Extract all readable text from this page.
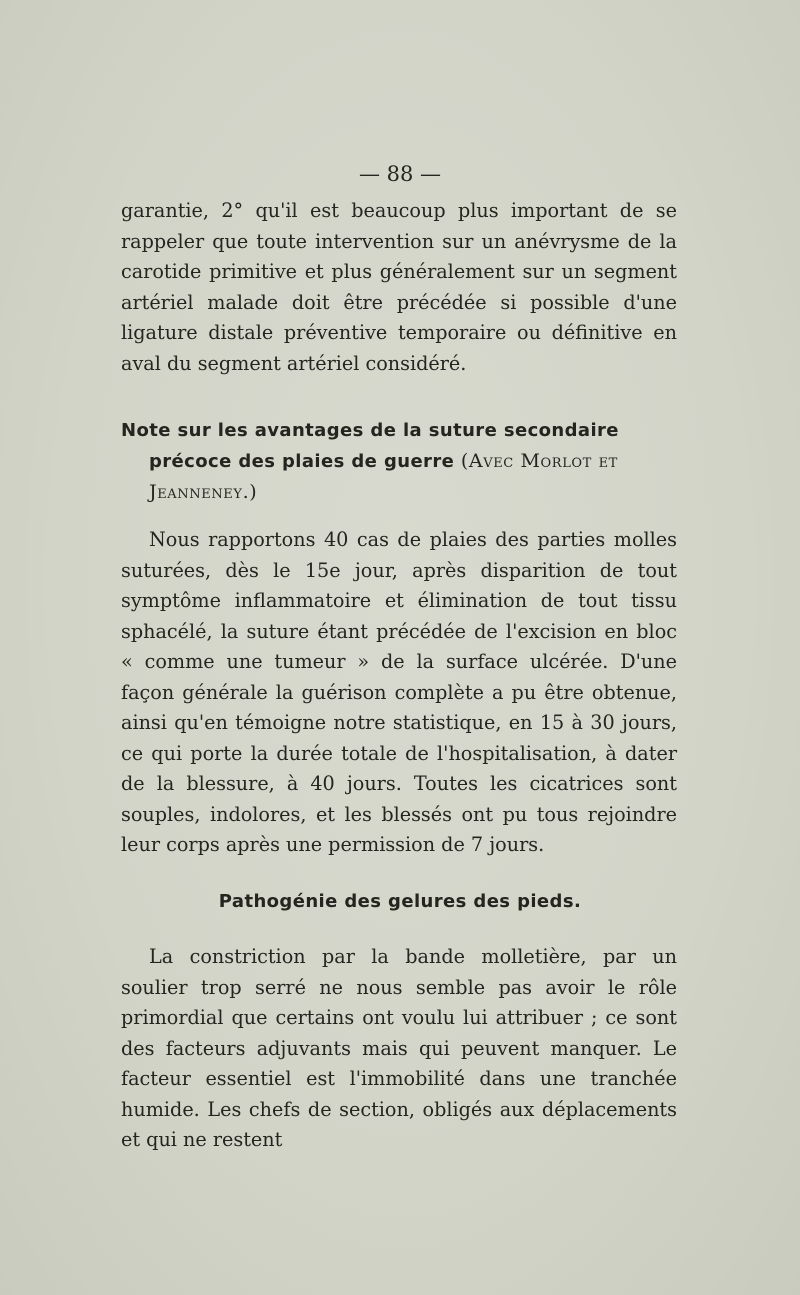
— 88 —

garantie, 2° qu'il est beaucoup plus important de se rappeler que toute intervention sur un anévrysme de la carotide primitive et plus généralement sur un segment artériel malade doit être précédée si possible d'une ligature distale préventive temporaire ou définitive en aval du segment artériel considéré.

Note sur les avantages de la suture secondaire précoce des plaies de guerre (Avec Morlot et Jeanneney.)

Nous rapportons 40 cas de plaies des parties molles suturées, dès le 15e jour, après disparition de tout symptôme inflammatoire et élimination de tout tissu sphacélé, la suture étant précédée de l'excision en bloc « comme une tumeur » de la surface ulcérée. D'une façon générale la guérison complète a pu être obtenue, ainsi qu'en témoigne notre statistique, en 15 à 30 jours, ce qui porte la durée totale de l'hospitalisation, à dater de la blessure, à 40 jours. Toutes les cicatrices sont souples, indolores, et les blessés ont pu tous rejoindre leur corps après une permission de 7 jours.

Pathogénie des gelures des pieds.

La constriction par la bande molletière, par un soulier trop serré ne nous semble pas avoir le rôle primordial que certains ont voulu lui attribuer ; ce sont des facteurs adjuvants mais qui peuvent manquer. Le facteur essentiel est l'immobilité dans une tranchée humide. Les chefs de section, obligés aux déplacements et qui ne restent
